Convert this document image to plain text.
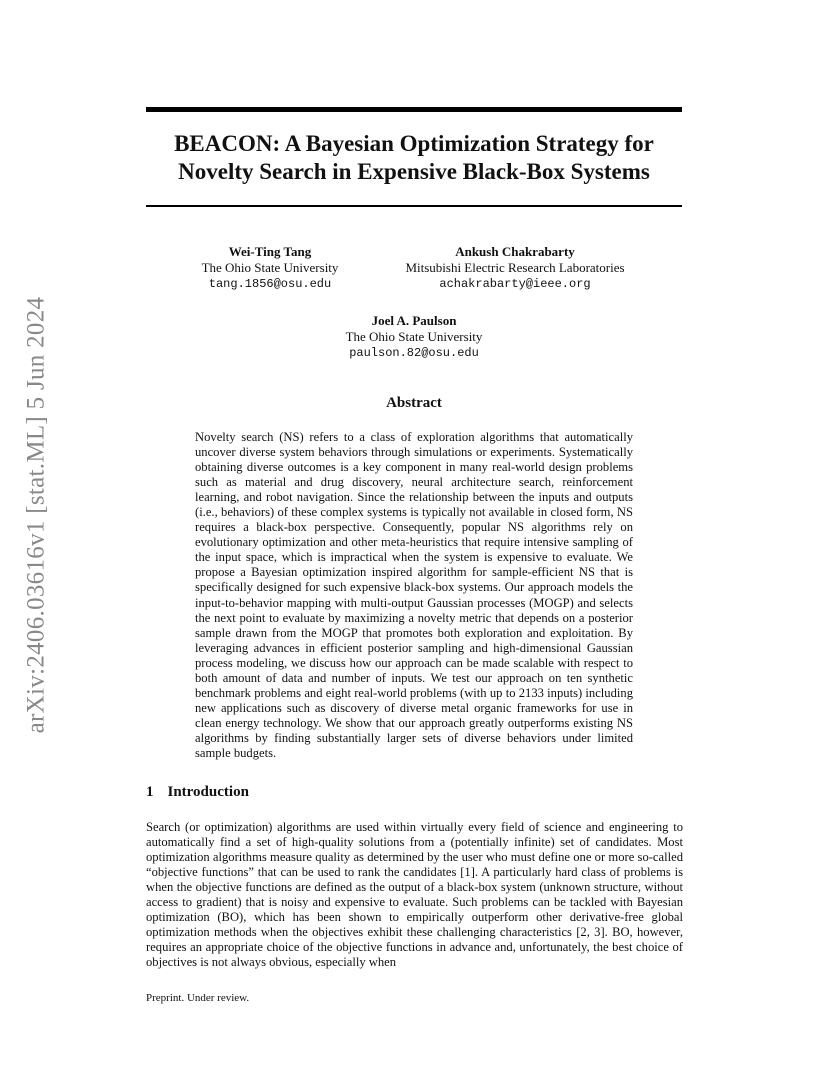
arXiv:2406.03616v1 [stat.ML] 5 Jun 2024
BEACON: A Bayesian Optimization Strategy for
Novelty Search in Expensive Black-Box Systems
Wei-Ting Tang
The Ohio State University
tang.1856@osu.edu
Ankush Chakrabarty
Mitsubishi Electric Research Laboratories
achakrabarty@ieee.org
Joel A. Paulson
The Ohio State University
paulson.82@osu.edu
Abstract
Novelty search (NS) refers to a class of exploration algorithms that automatically uncover diverse system behaviors through simulations or experiments. Systematically obtaining diverse outcomes is a key component in many real-world design problems such as material and drug discovery, neural architecture search, reinforcement learning, and robot navigation. Since the relationship between the inputs and outputs (i.e., behaviors) of these complex systems is typically not available in closed form, NS requires a black-box perspective. Consequently, popular NS algorithms rely on evolutionary optimization and other meta-heuristics that require intensive sampling of the input space, which is impractical when the system is expensive to evaluate. We propose a Bayesian optimization inspired algorithm for sample-efficient NS that is specifically designed for such expensive black-box systems. Our approach models the input-to-behavior mapping with multi-output Gaussian processes (MOGP) and selects the next point to evaluate by maximizing a novelty metric that depends on a posterior sample drawn from the MOGP that promotes both exploration and exploitation. By leveraging advances in efficient posterior sampling and high-dimensional Gaussian process modeling, we discuss how our approach can be made scalable with respect to both amount of data and number of inputs. We test our approach on ten synthetic benchmark problems and eight real-world problems (with up to 2133 inputs) including new applications such as discovery of diverse metal organic frameworks for use in clean energy technology. We show that our approach greatly outperforms existing NS algorithms by finding substantially larger sets of diverse behaviors under limited sample budgets.
1 Introduction
Search (or optimization) algorithms are used within virtually every field of science and engineering to automatically find a set of high-quality solutions from a (potentially infinite) set of candidates. Most optimization algorithms measure quality as determined by the user who must define one or more so-called “objective functions” that can be used to rank the candidates [1]. A particularly hard class of problems is when the objective functions are defined as the output of a black-box system (unknown structure, without access to gradient) that is noisy and expensive to evaluate. Such problems can be tackled with Bayesian optimization (BO), which has been shown to empirically outperform other derivative-free global optimization methods when the objectives exhibit these challenging characteristics [2, 3]. BO, however, requires an appropriate choice of the objective functions in advance and, unfortunately, the best choice of objectives is not always obvious, especially when
Preprint. Under review.
